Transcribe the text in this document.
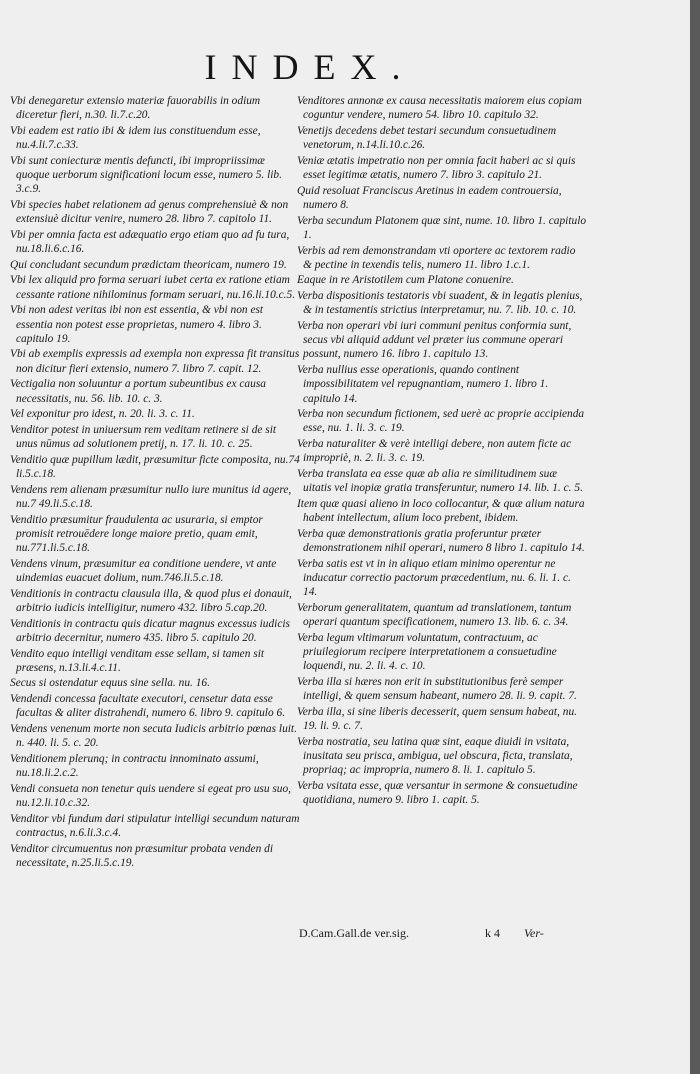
INDEX.

Vbi denegaretur extensio materiæ fauorabilis in odium diceretur fieri, n.30. li.7.c.20.

Vbi eadem est ratio ibi & idem ius constituendum esse, nu.4.li.7.c.33.

Vbi sunt coniecturæ mentis defuncti, ibi impropriissimæ quoque uerborum significationi locum esse, numero 5. lib. 3.c.9.

Vbi species habet relationem ad genus comprehensiuè & non extensiuè dicitur venire, numero 28. libro 7. capitolo 11.

Vbi per omnia facta est adæquatio ergo etiam quo ad fu tura, nu.18.li.6.c.16.

Qui concludant secundum prædictam theoricam, numero 19.

Vbi lex aliquid pro forma seruari iubet certa ex ratione etiam cessante ratione nihilominus formam seruari, nu.16.li.10.c.5.

Vbi non adest veritas ibi non est essentia, & vbi non est essentia non potest esse proprietas, numero 4. libro 3. capitulo 19.

Vbi ab exemplis expressis ad exempla non expressa fit transitus non dicitur fieri extensio, numero 7. libro 7. capit. 12.

Vectigalia non soluuntur a portum subeuntibus ex causa necessitatis, nu. 56. lib. 10. c. 3.

Vel exponitur pro idest, n. 20. li. 3. c. 11.

Venditor potest in uniuersum rem veditam retinere si de sit unus nūmus ad solutionem pretij, n. 17. li. 10. c. 25.

Venditio quæ pupillum lædit, præsumitur ficte composita, nu.74 li.5.c.18.

Vendens rem alienam præsumitur nullo iure munitus id agere, nu.7 49.li.5.c.18.

Venditio præsumitur fraudulenta ac usuraria, si emptor promisit retrouēdere longe maiore pretio, quam emit, nu.771.li.5.c.18.

Vendens vinum, præsumitur ea conditione uendere, vt ante uindemias euacuet dolium, num.746.li.5.c.18.

Venditionis in contractu clausula illa, & quod plus ei donauit, arbitrio iudicis intelligitur, numero 432. libro 5.cap.20.

Venditionis in contractu quis dicatur magnus excessus iudicis arbitrio decernitur, numero 435. libro 5. capitulo 20.

Vendito equo intelligi venditam esse sellam, si tamen sit præsens, n.13.li.4.c.11.

Secus si ostendatur equus sine sella. nu. 16.

Vendendi concessa facultate executori, censetur data esse facultas & aliter distrahendi, numero 6. libro 9. capitulo 6.

Vendens venenum morte non secuta Iudicis arbitrio pœnas luit. n. 440. li. 5. c. 20.

Venditionem plerunq; in contractu innominato assumi, nu.18.li.2.c.2.

Vendi consueta non tenetur quis uendere si egeat pro usu suo, nu.12.li.10.c.32.

Venditor vbi fundum dari stipulatur intelligi secundum naturam contractus, n.6.li.3.c.4.

Venditor circumuentus non præsumitur probata venden di necessitate, n.25.li.5.c.19.

Venditores annonæ ex causa necessitatis maiorem eius copiam coguntur vendere, numero 54. libro 10. capitulo 32.

Venetijs decedens debet testari secundum consuetudinem venetorum, n.14.li.10.c.26.

Veniæ ætatis impetratio non per omnia facit haberi ac si quis esset legitimæ ætatis, numero 7. libro 3. capitulo 21.

Quid resoluat Franciscus Aretinus in eadem controuersia, numero 8.

Verba secundum Platonem quæ sint, nume. 10. libro 1. capitulo 1.

Verbis ad rem demonstrandam vti oportere ac textorem radio & pectine in texendis telis, numero 11. libro 1.c.1.

Eaque in re Aristotilem cum Platone conuenire.

Verba dispositionis testatoris vbi suadent, & in legatis plenius, & in testamentis strictius interpretamur, nu. 7. lib. 10. c. 10.

Verba non operari vbi iuri communi penitus conformia sunt, secus vbi aliquid addunt vel præter ius commune operari possunt, numero 16. libro 1. capitulo 13.

Verba nullius esse operationis, quando continent impossibilitatem vel repugnantiam, numero 1. libro 1. capitulo 14.

Verba non secundum fictionem, sed uerè ac proprie accipienda esse, nu. 1. li. 3. c. 19.

Verba naturaliter & verè intelligi debere, non autem ficte ac impropriè, n. 2. li. 3. c. 19.

Verba translata ea esse quæ ab alia re similitudinem suæ uitatis vel inopiæ gratia transferuntur, numero 14. lib. 1. c. 5.

Item quæ quasi alieno in loco collocantur, & quæ alium natura habent intellectum, alium loco prebent, ibidem.

Verba quæ demonstrationis gratia proferuntur præter demonstrationem nihil operari, numero 8 libro 1. capitulo 14.

Verba satis est vt in in aliquo etiam minimo operentur ne inducatur correctio pactorum præcedentium, nu. 6. li. 1. c. 14.

Verborum generalitatem, quantum ad translationem, tantum operari quantum specificationem, numero 13. lib. 6. c. 34.

Verba legum vltimarum voluntatum, contractuum, ac priuilegiorum recipere interpretationem a consuetudine loquendi, nu. 2. li. 4. c. 10.

Verba illa si hæres non erit in substitutionibus ferè semper intelligi, & quem sensum habeant, numero 28. li. 9. capit. 7.

Verba illa, si sine liberis decesserit, quem sensum habeat, nu. 19. li. 9. c. 7.

Verba nostratia, seu latina quæ sint, eaque diuidi in vsitata, inusitata seu prisca, ambigua, uel obscura, ficta, translata, propriaq; ac impropria, numero 8. li. 1. capitulo 5.

Verba vsitata esse, quæ versantur in sermone & consuetudine quotidiana, numero 9. libro 1. capit. 5.

D.Cam.Gall.de ver.sig.	k 4 Ver-
